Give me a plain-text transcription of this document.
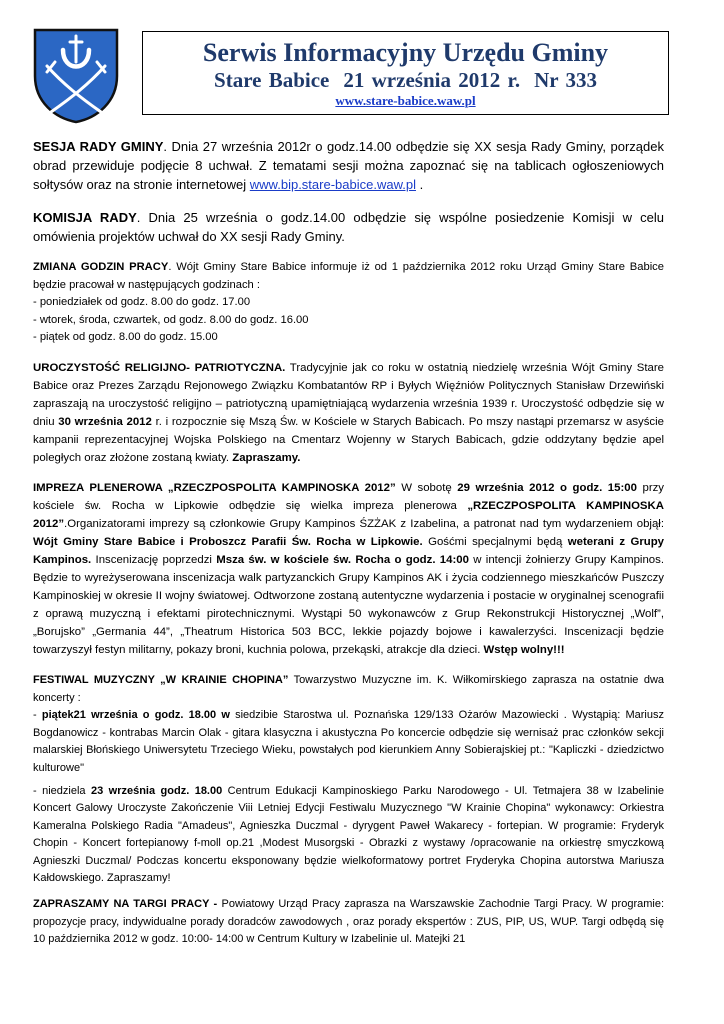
Serwis Informacyjny Urzędu Gminy
Stare Babice 21 września 2012 r. Nr 333
www.stare-babice.waw.pl

SESJA RADY GMINY. Dnia 27 września 2012r o godz.14.00 odbędzie się XX sesja Rady Gminy, porządek obrad przewiduje podjęcie 8 uchwał. Z tematami sesji można zapoznać się na tablicach ogłoszeniowych sołtysów oraz na stronie internetowej www.bip.stare-babice.waw.pl .

KOMISJA RADY. Dnia 25 września o godz.14.00 odbędzie się wspólne posiedzenie Komisji w celu omówienia projektów uchwał do XX sesji Rady Gminy.

ZMIANA GODZIN PRACY. Wójt Gminy Stare Babice informuje iż od 1 października 2012 roku Urząd Gminy Stare Babice będzie pracował w następujących godzinach :

- poniedziałek od godz. 8.00 do godz. 17.00

- wtorek, środa, czwartek, od godz. 8.00 do godz. 16.00

- piątek od godz. 8.00 do godz. 15.00

UROCZYSTOŚĆ RELIGIJNO- PATRIOTYCZNA. Tradycyjnie jak co roku w ostatnią niedzielę września Wójt Gminy Stare Babice oraz Prezes Zarządu Rejonowego Związku Kombatantów RP i Byłych Więźniów Politycznych Stanisław Drzewiński zapraszają na uroczystość religijno – patriotyczną upamiętniającą wydarzenia września 1939 r. Uroczystość odbędzie się w dniu 30 września 2012 r. i rozpocznie się Mszą Św. w Kościele w Starych Babicach. Po mszy nastąpi przemarsz w asyście kampanii reprezentacyjnej Wojska Polskiego na Cmentarz Wojenny w Starych Babicach, gdzie oddzytany będzie apel poległych oraz złożone zostaną kwiaty. Zapraszamy.

IMPREZA PLENEROWA „RZECZPOSPOLITA KAMPINOSKA 2012” W sobotę 29 września 2012 o godz. 15:00 przy kościele św. Rocha w Lipkowie odbędzie się wielka impreza plenerowa „RZECZPOSPOLITA KAMPINOSKA 2012”.Organizatorami imprezy są członkowie Grupy Kampinos ŚZŻAK z Izabelina, a patronat nad tym wydarzeniem objął: Wójt Gminy Stare Babice i Proboszcz Parafii Św. Rocha w Lipkowie. Gośćmi specjalnymi będą weterani z Grupy Kampinos. Inscenizację poprzedzi Msza św. w kościele św. Rocha o godz. 14:00 w intencji żołnierzy Grupy Kampinos. Będzie to wyreżyserowana inscenizacja walk partyzanckich Grupy Kampinos AK i życia codziennego mieszkańców Puszczy Kampinoskiej w okresie II wojny światowej. Odtworzone zostaną autentyczne wydarzenia i postacie w oryginalnej scenografii z oprawą muzyczną i efektami pirotechnicznymi. Wystąpi 50 wykonawców z Grup Rekonstrukcji Historycznej „Wolf”, „Borujsko” „Germania 44”, „Theatrum Historica 503 BCC, lekkie pojazdy bojowe i kawalerzyści. Inscenizacji będzie towarzyszył festyn militarny, pokazy broni, kuchnia polowa, przekąski, atrakcje dla dzieci. Wstęp wolny!!!

FESTIWAL MUZYCZNY „W KRAINIE CHOPINA” Towarzystwo Muzyczne im. K. Wiłkomirskiego zaprasza na ostatnie dwa koncerty :

- piątek21 września o godz. 18.00 w siedzibie Starostwa ul. Poznańska 129/133 Ożarów Mazowiecki . Wystąpią: Mariusz Bogdanowicz - kontrabas Marcin Olak - gitara klasyczna i akustyczna Po koncercie odbędzie się wernisaż prac członków sekcji malarskiej Błońskiego Uniwersytetu Trzeciego Wieku, powstałych pod kierunkiem Anny Sobierajskiej pt.: "Kapliczki - dziedzictwo kulturowe"

- niedziela 23 września godz. 18.00 Centrum Edukacji Kampinoskiego Parku Narodowego - Ul. Tetmajera 38 w Izabelinie Koncert Galowy Uroczyste Zakończenie Viii Letniej Edycji Festiwalu Muzycznego "W Krainie Chopina" wykonawcy: Orkiestra Kameralna Polskiego Radia "Amadeus", Agnieszka Duczmal - dyrygent Paweł Wakarecy - fortepian. W programie: Fryderyk Chopin - Koncert fortepianowy f-moll op.21 ,Modest Musorgski - Obrazki z wystawy /opracowanie na orkiestrę smyczkową Agnieszki Duczmal/ Podczas koncertu eksponowany będzie wielkoformatowy portret Fryderyka Chopina autorstwa Mariusza Kałdowskiego. Zapraszamy!

ZAPRASZAMY NA TARGI PRACY - Powiatowy Urząd Pracy zaprasza na Warszawskie Zachodnie Targi Pracy. W programie: propozycje pracy, indywidualne porady doradców zawodowych , oraz porady ekspertów : ZUS, PIP, US, WUP. Targi odbędą się 10 października 2012 w godz. 10:00- 14:00 w Centrum Kultury w Izabelinie ul. Matejki 21
